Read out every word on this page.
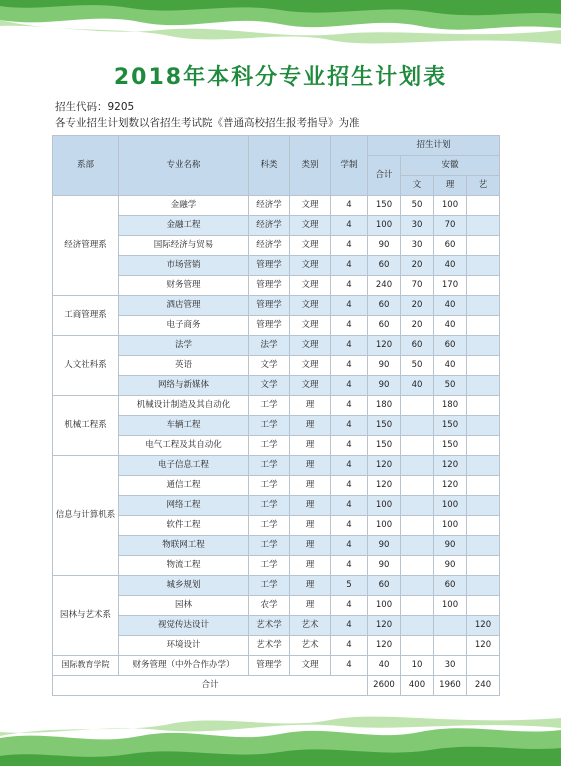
2018年本科分专业招生计划表
招生代码：9205
各专业招生计划数以省招生考试院《普通高校招生报考指导》为准
系部	专业名称	科类	类别	学制	招生计划			
					合计	安徽		
						文	理	艺
经济管理系	金融学	经济学	文理	4	150	50	100	
	金融工程	经济学	文理	4	100	30	70	
	国际经济与贸易	经济学	文理	4	90	30	60	
	市场营销	管理学	文理	4	60	20	40	
	财务管理	管理学	文理	4	240	70	170	
工商管理系	酒店管理	管理学	文理	4	60	20	40	
	电子商务	管理学	文理	4	60	20	40	
人文社科系	法学	法学	文理	4	120	60	60	
	英语	文学	文理	4	90	50	40	
	网络与新媒体	文学	文理	4	90	40	50	
机械工程系	机械设计制造及其自动化	工学	理	4	180		180	
	车辆工程	工学	理	4	150		150	
	电气工程及其自动化	工学	理	4	150		150	
信息与计算机系	电子信息工程	工学	理	4	120		120	
	通信工程	工学	理	4	120		120	
	网络工程	工学	理	4	100		100	
	软件工程	工学	理	4	100		100	
	物联网工程	工学	理	4	90		90	
	物流工程	工学	理	4	90		90	
园林与艺术系	城乡规划	工学	理	5	60		60	
	园林	农学	理	4	100		100	
	视觉传达设计	艺术学	艺术	4	120			120
	环境设计	艺术学	艺术	4	120			120
国际教育学院	财务管理（中外合作办学）	管理学	文理	4	40	10	30	
合计					2600	400	1960	240
